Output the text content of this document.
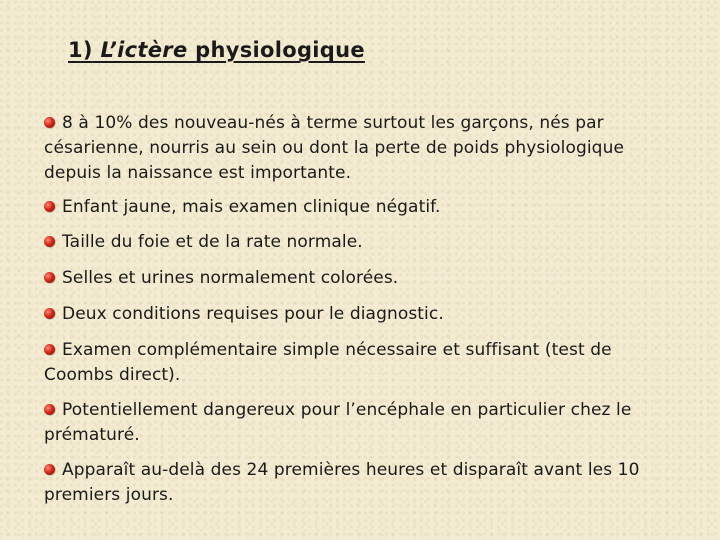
1) L’ictère physiologique
8 à 10% des nouveau-nés à terme surtout les garçons, nés par césarienne, nourris au sein ou dont la perte de poids physiologique depuis la naissance est importante.
Enfant jaune, mais examen clinique négatif.
Taille du foie et de la rate normale.
Selles et urines normalement colorées.
Deux conditions requises pour le diagnostic.
Examen complémentaire simple nécessaire et suffisant (test de Coombs direct).
Potentiellement dangereux pour l’encéphale en particulier chez le prématuré.
Apparaît au-delà des 24 premières heures et disparaît avant les 10 premiers jours.
